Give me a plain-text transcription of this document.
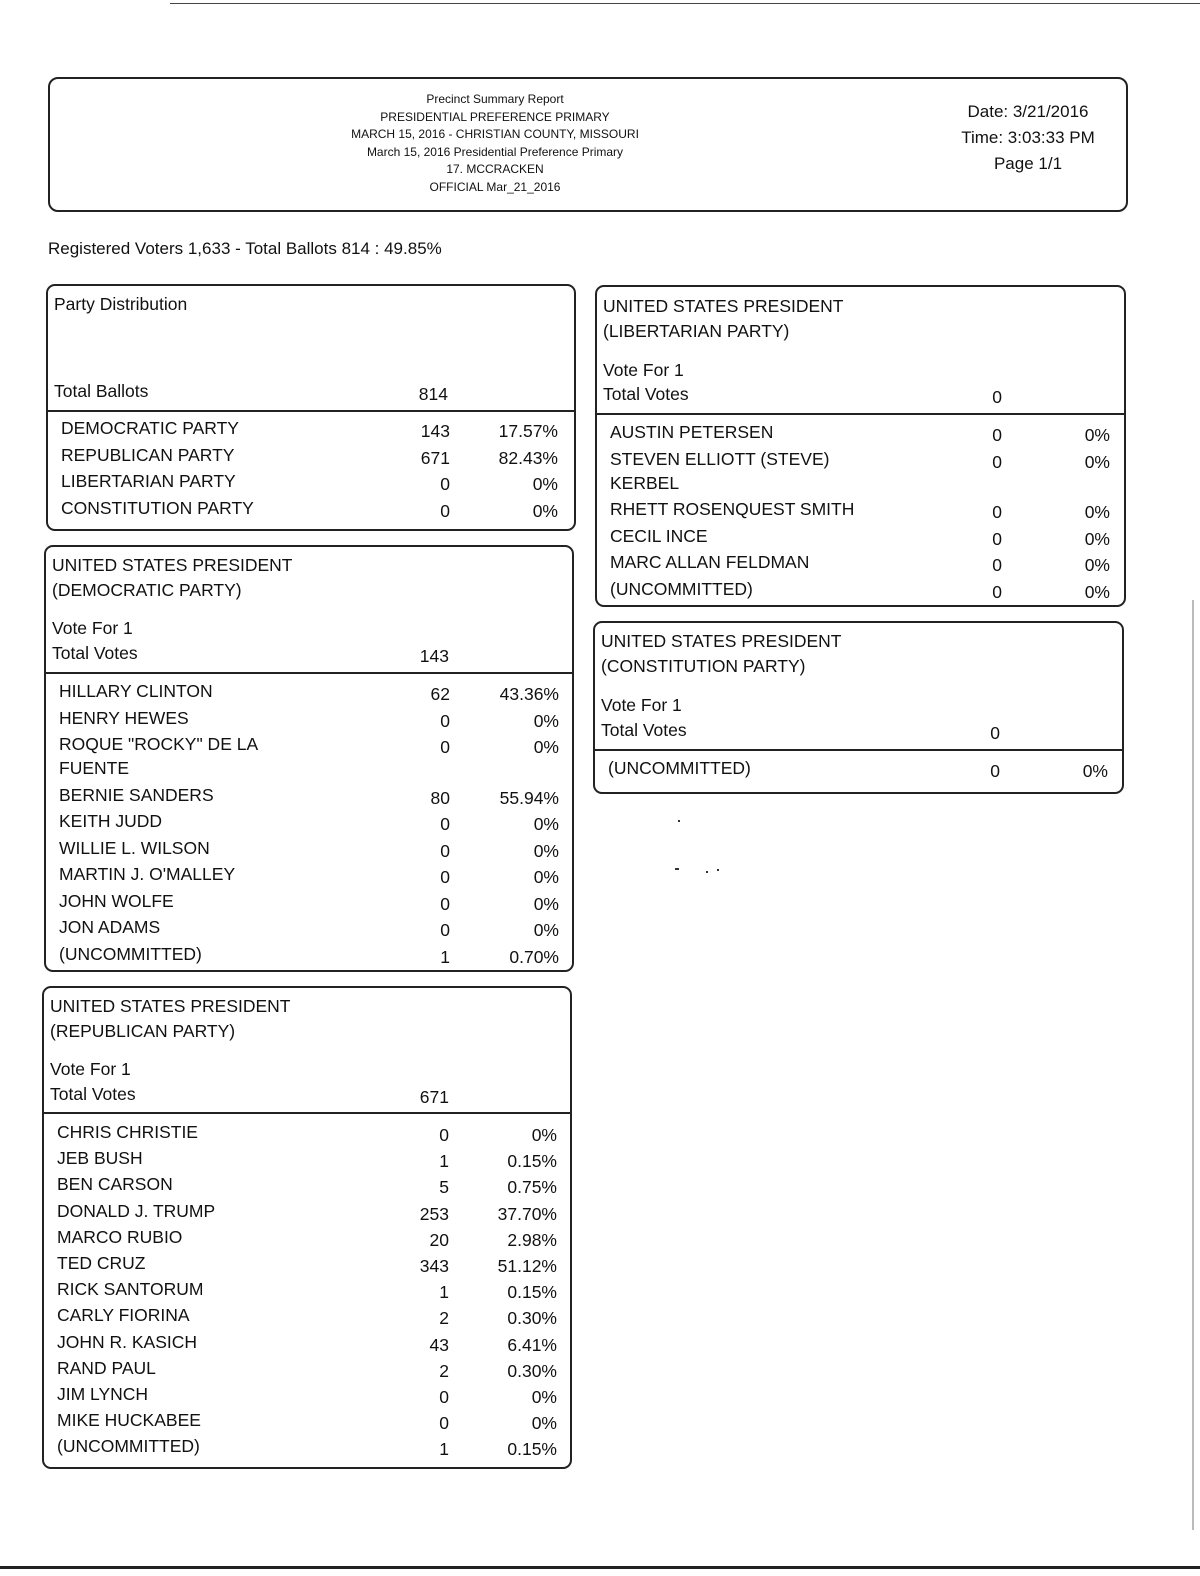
Precinct Summary Report
PRESIDENTIAL PREFERENCE PRIMARY
MARCH 15, 2016 - CHRISTIAN COUNTY, MISSOURI
March 15, 2016 Presidential Preference Primary
17. MCCRACKEN
OFFICIAL Mar_21_2016
Date: 3/21/2016
Time: 3:03:33 PM
Page 1/1
Registered Voters 1,633 - Total Ballots 814 : 49.85%
Party Distribution
Total Ballots	814
DEMOCRATIC PARTY	143	17.57%
REPUBLICAN PARTY	671	82.43%
LIBERTARIAN PARTY	0	0%
CONSTITUTION PARTY	0	0%
UNITED STATES PRESIDENT
(DEMOCRATIC PARTY)
Vote For 1
Total Votes	143
HILLARY CLINTON	62	43.36%
HENRY HEWES	0	0%
ROQUE "ROCKY" DE LA
FUENTE
0	0%
BERNIE SANDERS	80	55.94%
KEITH JUDD	0	0%
WILLIE L. WILSON	0	0%
MARTIN J. O'MALLEY	0	0%
JOHN WOLFE	0	0%
JON ADAMS	0	0%
(UNCOMMITTED)	1	0.70%
UNITED STATES PRESIDENT
(REPUBLICAN PARTY)
Vote For 1
Total Votes	671
CHRIS CHRISTIE	0	0%
JEB BUSH	1	0.15%
BEN CARSON	5	0.75%
DONALD J. TRUMP	253	37.70%
MARCO RUBIO	20	2.98%
TED CRUZ	343	51.12%
RICK SANTORUM	1	0.15%
CARLY FIORINA	2	0.30%
JOHN R. KASICH	43	6.41%
RAND PAUL	2	0.30%
JIM LYNCH	0	0%
MIKE HUCKABEE	0	0%
(UNCOMMITTED)	1	0.15%
UNITED STATES PRESIDENT
(LIBERTARIAN PARTY)
Vote For 1
Total Votes	0
AUSTIN PETERSEN	0	0%
STEVEN ELLIOTT (STEVE)
KERBEL
0	0%
RHETT ROSENQUEST SMITH	0	0%
CECIL INCE	0	0%
MARC ALLAN FELDMAN	0	0%
(UNCOMMITTED)	0	0%
UNITED STATES PRESIDENT
(CONSTITUTION PARTY)
Vote For 1
Total Votes	0
(UNCOMMITTED)	0	0%
